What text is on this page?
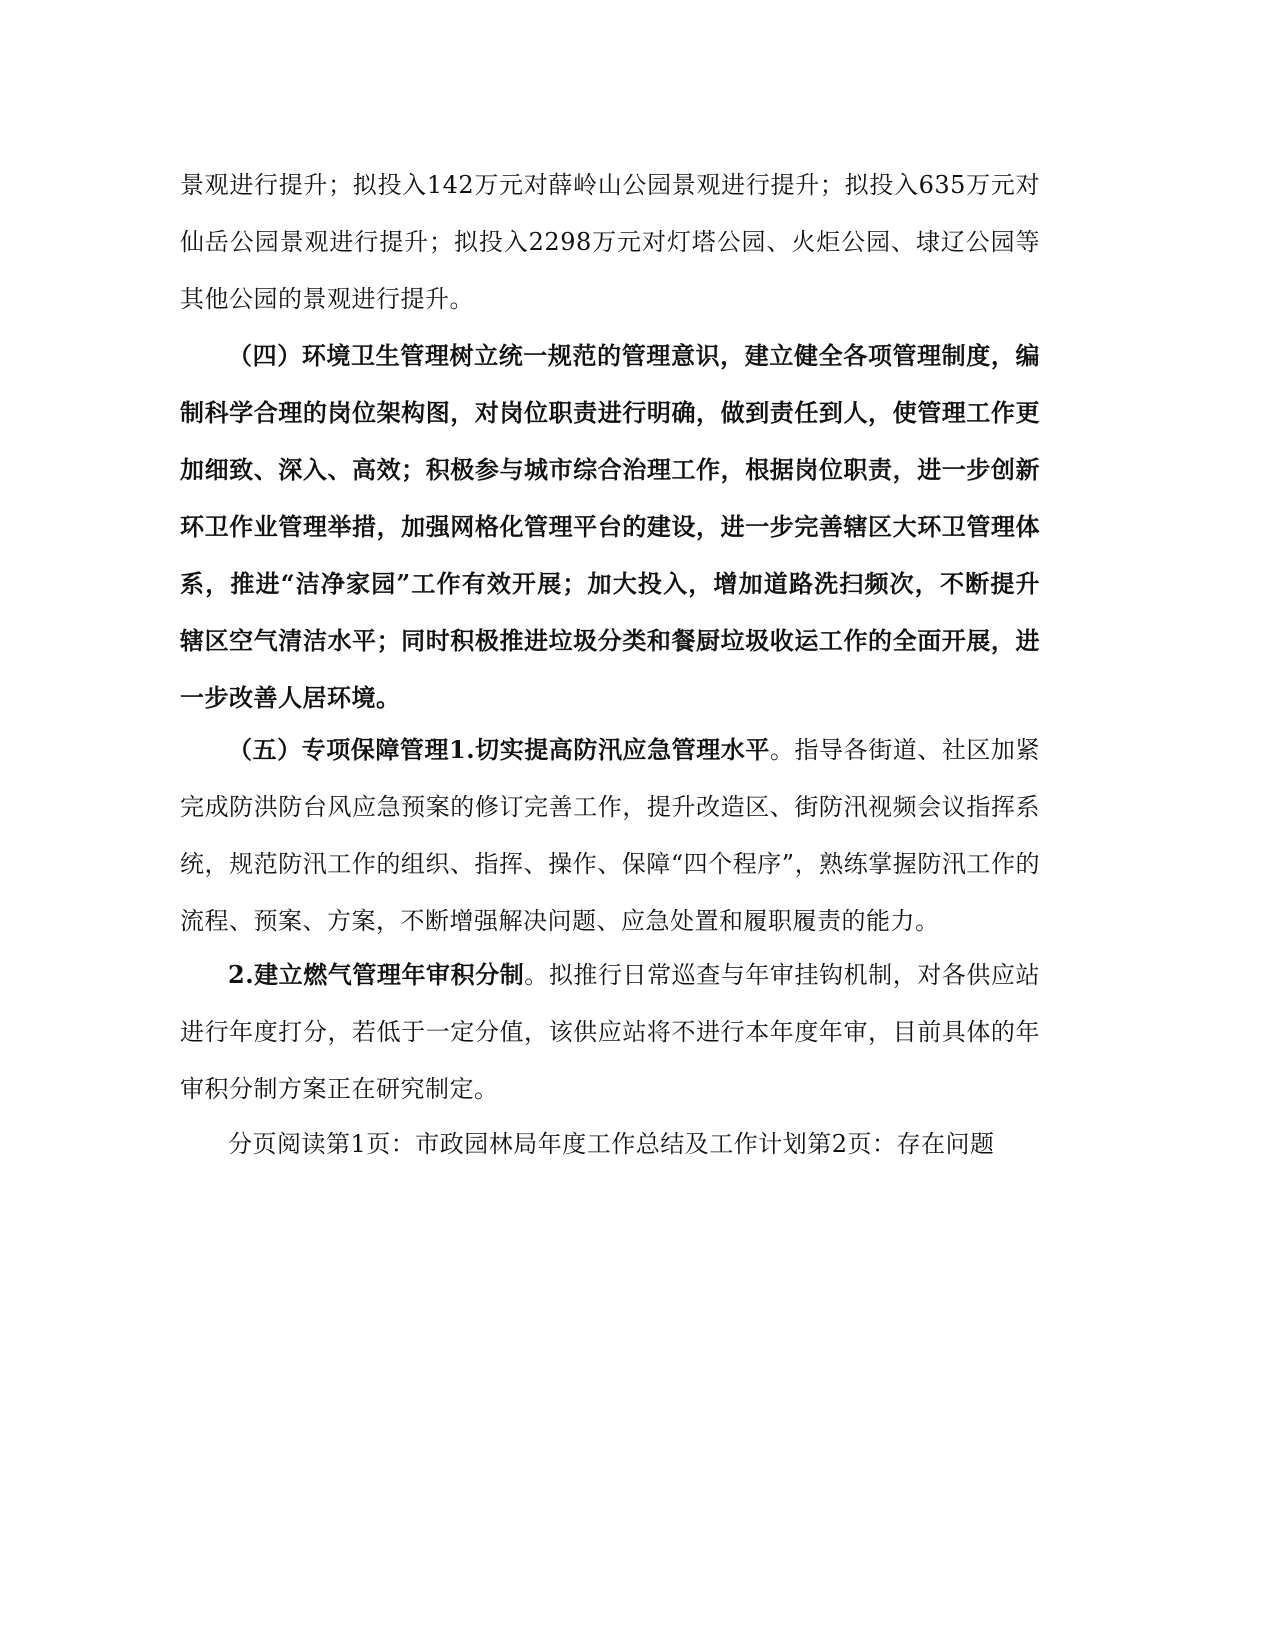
景观进行提升；拟投入142万元对薛岭山公园景观进行提升；拟投入635万元对仙岳公园景观进行提升；拟投入2298万元对灯塔公园、火炬公园、埭辽公园等其他公园的景观进行提升。

（四）环境卫生管理树立统一规范的管理意识，建立健全各项管理制度，编制科学合理的岗位架构图，对岗位职责进行明确，做到责任到人，使管理工作更加细致、深入、高效；积极参与城市综合治理工作，根据岗位职责，进一步创新环卫作业管理举措，加强网格化管理平台的建设，进一步完善辖区大环卫管理体系，推进“洁净家园”工作有效开展；加大投入，增加道路洗扫频次，不断提升辖区空气清洁水平；同时积极推进垃圾分类和餐厨垃圾收运工作的全面开展，进一步改善人居环境。

（五）专项保障管理1.切实提高防汛应急管理水平。指导各街道、社区加紧完成防洪防台风应急预案的修订完善工作，提升改造区、街防汛视频会议指挥系统，规范防汛工作的组织、指挥、操作、保障“四个程序”，熟练掌握防汛工作的流程、预案、方案，不断增强解决问题、应急处置和履职履责的能力。

2.建立燃气管理年审积分制。拟推行日常巡查与年审挂钩机制，对各供应站进行年度打分，若低于一定分值，该供应站将不进行本年度年审，目前具体的年审积分制方案正在研究制定。

分页阅读第1页：市政园林局年度工作总结及工作计划第2页：存在问题
